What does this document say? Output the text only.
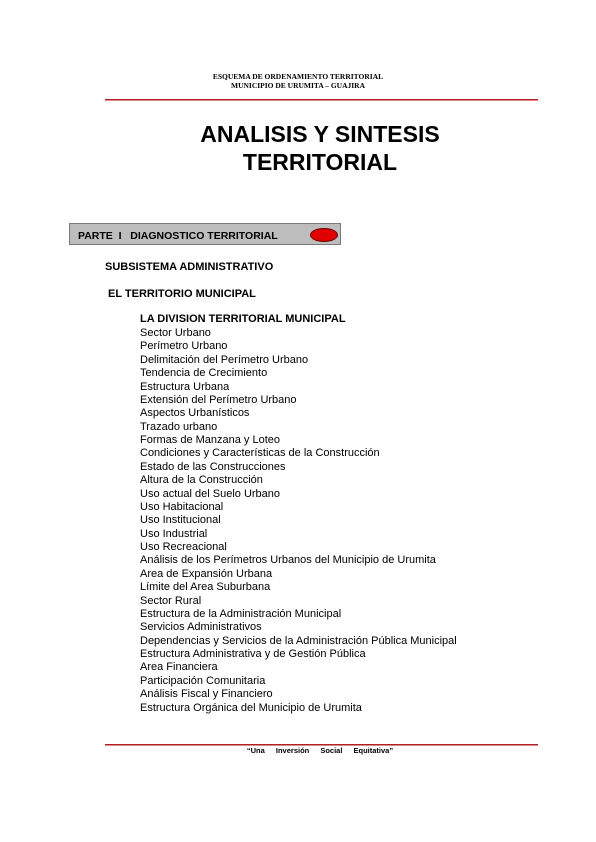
ESQUEMA DE ORDENAMIENTO TERRITORIAL
MUNICIPIO DE URUMITA – GUAJIRA
ANALISIS Y SINTESIS
TERRITORIAL
PARTE  I   DIAGNOSTICO TERRITORIAL
SUBSISTEMA ADMINISTRATIVO
EL TERRITORIO MUNICIPAL
LA DIVISION TERRITORIAL MUNICIPAL
Sector Urbano
Perímetro Urbano
Delimitación del Perímetro Urbano
Tendencia de Crecimiento
Estructura Urbana
Extensión del Perímetro Urbano
Aspectos Urbanísticos
Trazado urbano
Formas de Manzana y Loteo
Condiciones y Características de la Construcción
Estado de las Construcciones
Altura de la Construcción
Uso actual del Suelo Urbano
Uso Habitacional
Uso Institucional
Uso Industrial
Uso Recreacional
Análisis de los Perímetros Urbanos del Municipio de Urumita
Area de Expansión Urbana
Límite del Area Suburbana
Sector Rural
Estructura de la Administración Municipal
Servicios Administrativos
Dependencias y Servicios de la Administración Pública Municipal
Estructura Administrativa y de Gestión Pública
Area Financiera
Participación Comunitaria
Análisis Fiscal y Financiero
Estructura Orgánica del Municipio de Urumita
“Una Inversión Social Equitativa”
